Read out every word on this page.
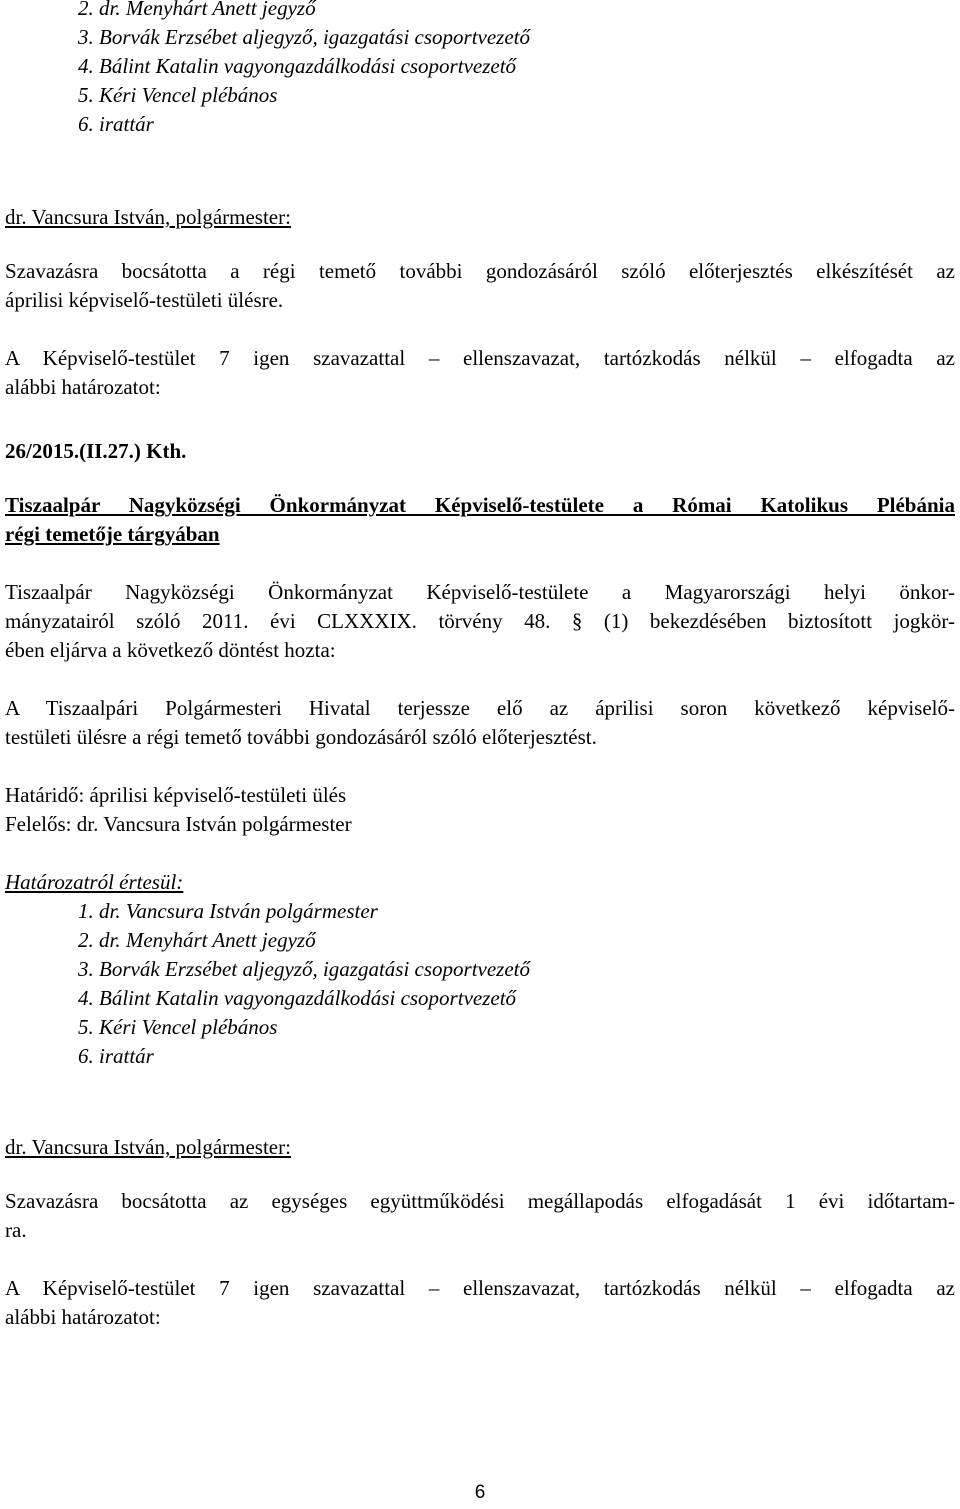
2. dr. Menyhárt Anett jegyző
3. Borvák Erzsébet aljegyző, igazgatási csoportvezető
4. Bálint Katalin vagyongazdálkodási csoportvezető
5. Kéri Vencel plébános
6. irattár
dr. Vancsura István, polgármester:
Szavazásra bocsátotta a régi temető további gondozásáról szóló előterjesztés elkészítését az
áprilisi képviselő-testületi ülésre.
A Képviselő-testület 7 igen szavazattal – ellenszavazat, tartózkodás nélkül – elfogadta az
alábbi határozatot:
26/2015.(II.27.) Kth.
Tiszaalpár Nagyközségi Önkormányzat Képviselő-testülete a Római Katolikus Plébánia
régi temetője tárgyában
Tiszaalpár Nagyközségi Önkormányzat Képviselő-testülete a Magyarországi helyi önkor-
mányzatairól szóló 2011. évi CLXXXIX. törvény 48. § (1) bekezdésében biztosított jogkör-
ében eljárva a következő döntést hozta:
A Tiszaalpári Polgármesteri Hivatal terjessze elő az áprilisi soron következő képviselő-
testületi ülésre a régi temető további gondozásáról szóló előterjesztést.
Határidő: áprilisi képviselő-testületi ülés
Felelős: dr. Vancsura István polgármester
Határozatról értesül:
1. dr. Vancsura István polgármester
2. dr. Menyhárt Anett jegyző
3. Borvák Erzsébet aljegyző, igazgatási csoportvezető
4. Bálint Katalin vagyongazdálkodási csoportvezető
5. Kéri Vencel plébános
6. irattár
dr. Vancsura István, polgármester:
Szavazásra bocsátotta az egységes együttműködési megállapodás elfogadását 1 évi időtartam-
ra.
A Képviselő-testület 7 igen szavazattal – ellenszavazat, tartózkodás nélkül – elfogadta az
alábbi határozatot:
6
